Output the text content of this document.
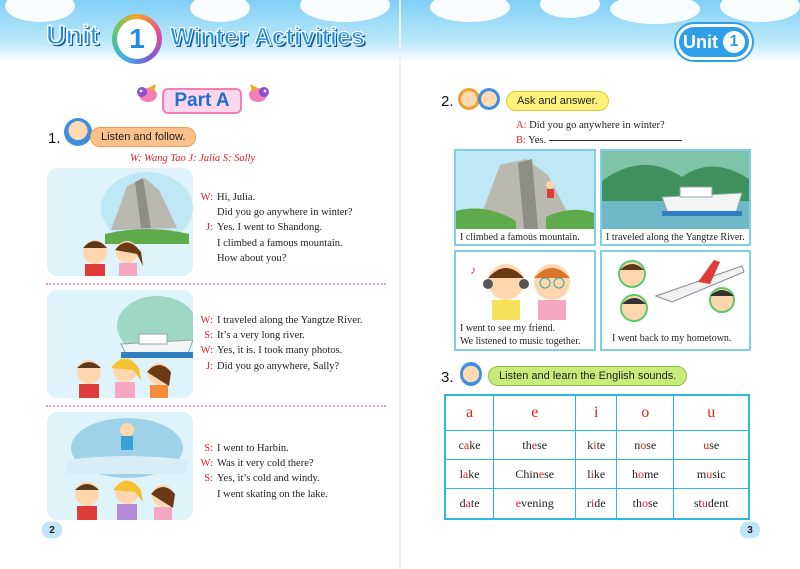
Unit	1	Winter Activities	Unit 1
Part A
1.	Listen and follow.
W: Wang Tao J: Julia S: Sally
W: Hi, Julia.
Did you go anywhere in winter?
J: Yes. I went to Shandong.
I climbed a famous mountain.
How about you?
W: I traveled along the Yangtze River.
S: It’s a very long river.
W: Yes, it is. I took many photos.
J: Did you go anywhere, Sally?
S: I went to Harbin.
W: Was it very cold there?
S: Yes, it’s cold and windy.
I went skating on the lake.
2
2.	Ask and answer.
A: Did you go anywhere in winter?
B: Yes.
I climbed a famous mountain.	I traveled along the Yangtze River.
♪
I went to see my friend.
We listened to music together.	I went back to my hometown.
3.	Listen and learn the English sounds.
a	e	i	o	u
cake	these	kite	nose	use
lake	Chinese	like	home	music
date	evening	ride	those	student
3
